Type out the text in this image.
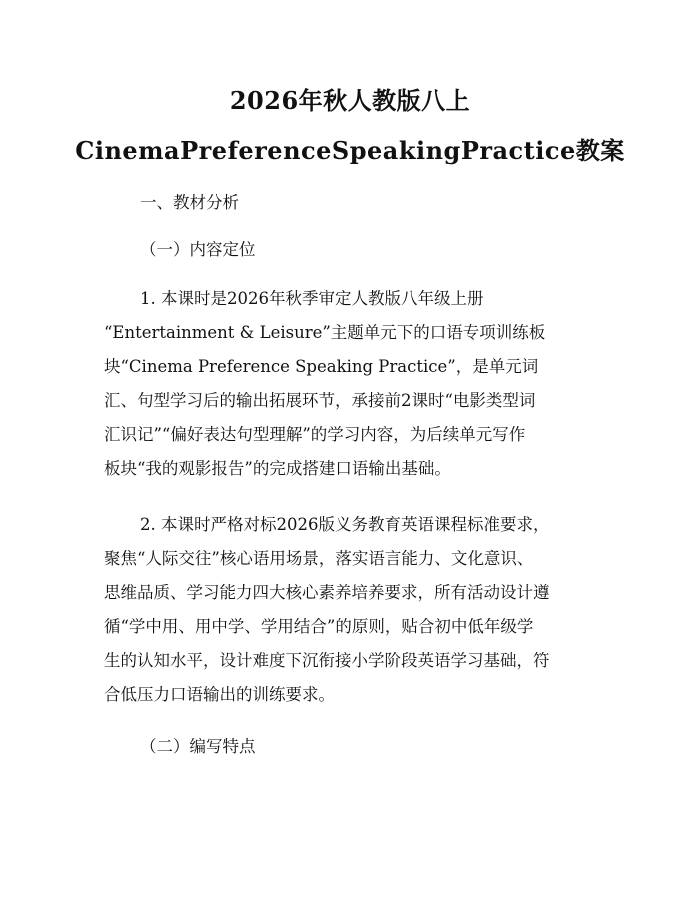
2026年秋人教版八上
CinemaPreferenceSpeakingPractice教案
一、教材分析
（一）内容定位
1. 本课时是2026年秋季审定人教版八年级上册
“Entertainment & Leisure”主题单元下的口语专项训练板
块“Cinema Preference Speaking Practice”，是单元词
汇、句型学习后的输出拓展环节，承接前2课时“电影类型词
汇识记”“偏好表达句型理解”的学习内容，为后续单元写作
板块“我的观影报告”的完成搭建口语输出基础。
2. 本课时严格对标2026版义务教育英语课程标准要求，
聚焦“人际交往”核心语用场景，落实语言能力、文化意识、
思维品质、学习能力四大核心素养培养要求，所有活动设计遵
循“学中用、用中学、学用结合”的原则，贴合初中低年级学
生的认知水平，设计难度下沉衔接小学阶段英语学习基础，符
合低压力口语输出的训练要求。
（二）编写特点
